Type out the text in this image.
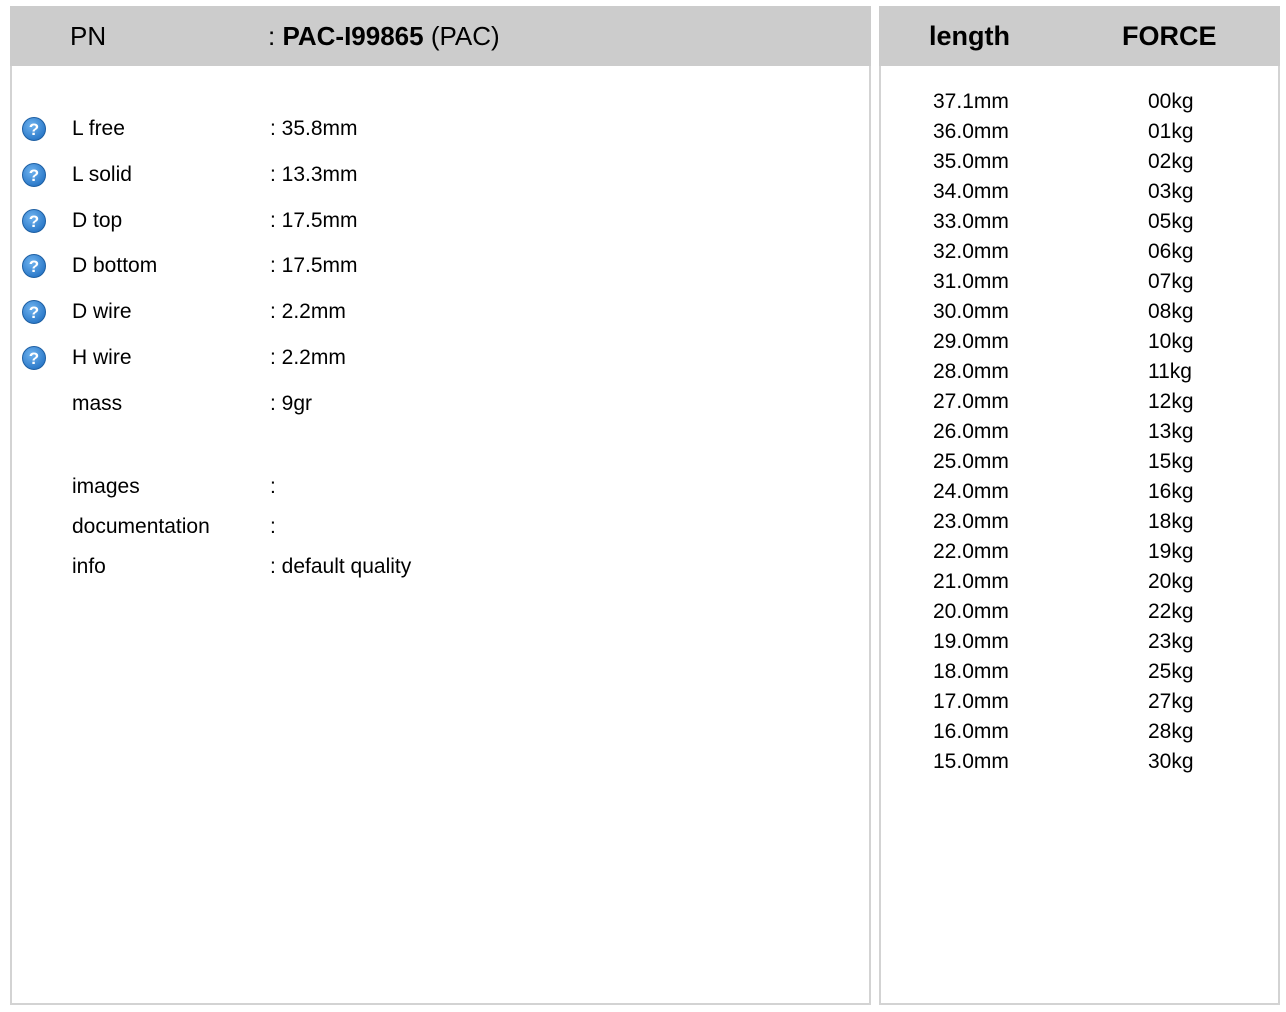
PN	: PAC-I99865 (PAC)
? L free	: 35.8mm
? L solid	: 13.3mm
? D top	: 17.5mm
? D bottom	: 17.5mm
? D wire	: 2.2mm
? H wire	: 2.2mm
mass	: 9gr
images	:
documentation	:
info	: default quality
length	FORCE
37.1mm	00kg
36.0mm	01kg
35.0mm	02kg
34.0mm	03kg
33.0mm	05kg
32.0mm	06kg
31.0mm	07kg
30.0mm	08kg
29.0mm	10kg
28.0mm	11kg
27.0mm	12kg
26.0mm	13kg
25.0mm	15kg
24.0mm	16kg
23.0mm	18kg
22.0mm	19kg
21.0mm	20kg
20.0mm	22kg
19.0mm	23kg
18.0mm	25kg
17.0mm	27kg
16.0mm	28kg
15.0mm	30kg
